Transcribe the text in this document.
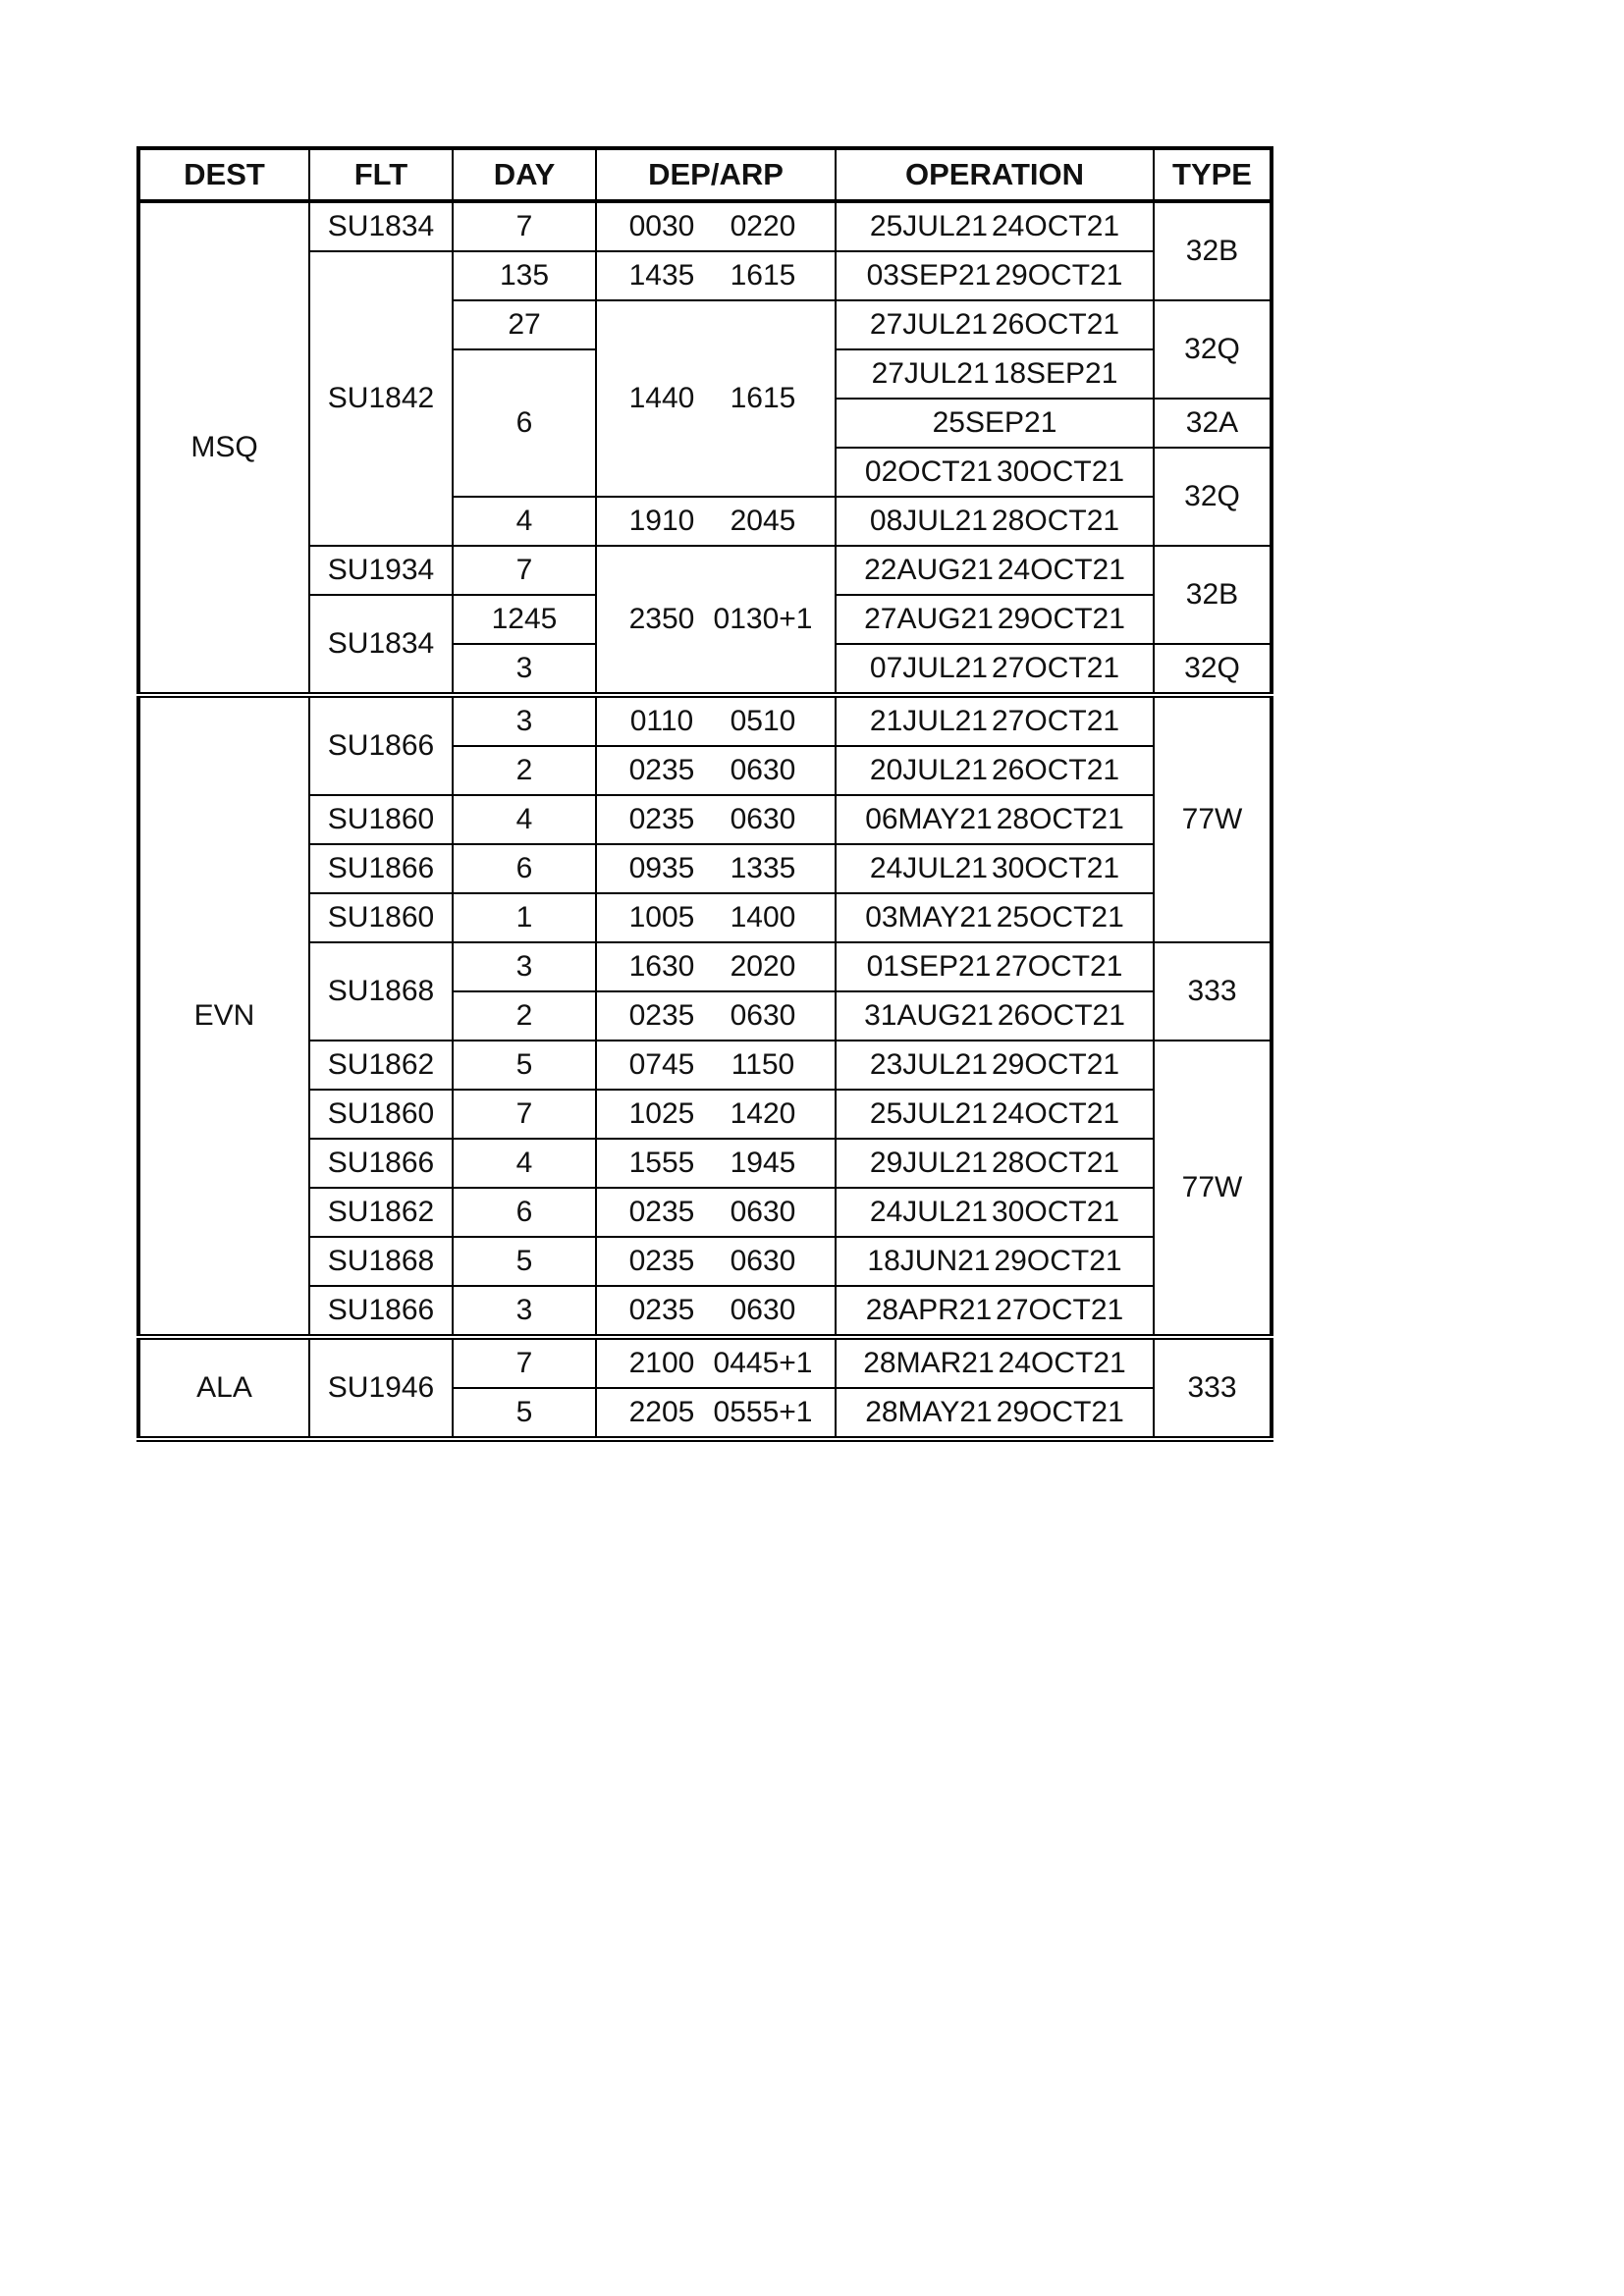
DEST	FLT	DAY	DEP/ARP	OPERATION	TYPE
MSQ	SU1834	7	0030 0220	25JUL21 24OCT21	32B
	SU1842	135	1435 1615	03SEP21 29OCT21	
		27	1440 1615	27JUL21 26OCT21	32Q
		6		27JUL21 18SEP21	
				25SEP21	32A
				02OCT21 30OCT21	32Q
		4	1910 2045	08JUL21 28OCT21	
	SU1934	7	2350 0130+1	22AUG21 24OCT21	32B
	SU1834	1245		27AUG21 29OCT21	
		3		07JUL21 27OCT21	32Q
EVN	SU1866	3	0110 0510	21JUL21 27OCT21	77W
		2	0235 0630	20JUL21 26OCT21	
	SU1860	4	0235 0630	06MAY21 28OCT21	
	SU1866	6	0935 1335	24JUL21 30OCT21	
	SU1860	1	1005 1400	03MAY21 25OCT21	
	SU1868	3	1630 2020	01SEP21 27OCT21	333
		2	0235 0630	31AUG21 26OCT21	
	SU1862	5	0745 1150	23JUL21 29OCT21	77W
	SU1860	7	1025 1420	25JUL21 24OCT21	
	SU1866	4	1555 1945	29JUL21 28OCT21	
	SU1862	6	0235 0630	24JUL21 30OCT21	
	SU1868	5	0235 0630	18JUN21 29OCT21	
	SU1866	3	0235 0630	28APR21 27OCT21	
ALA	SU1946	7	2100 0445+1	28MAR21 24OCT21	333
		5	2205 0555+1	28MAY21 29OCT21	
